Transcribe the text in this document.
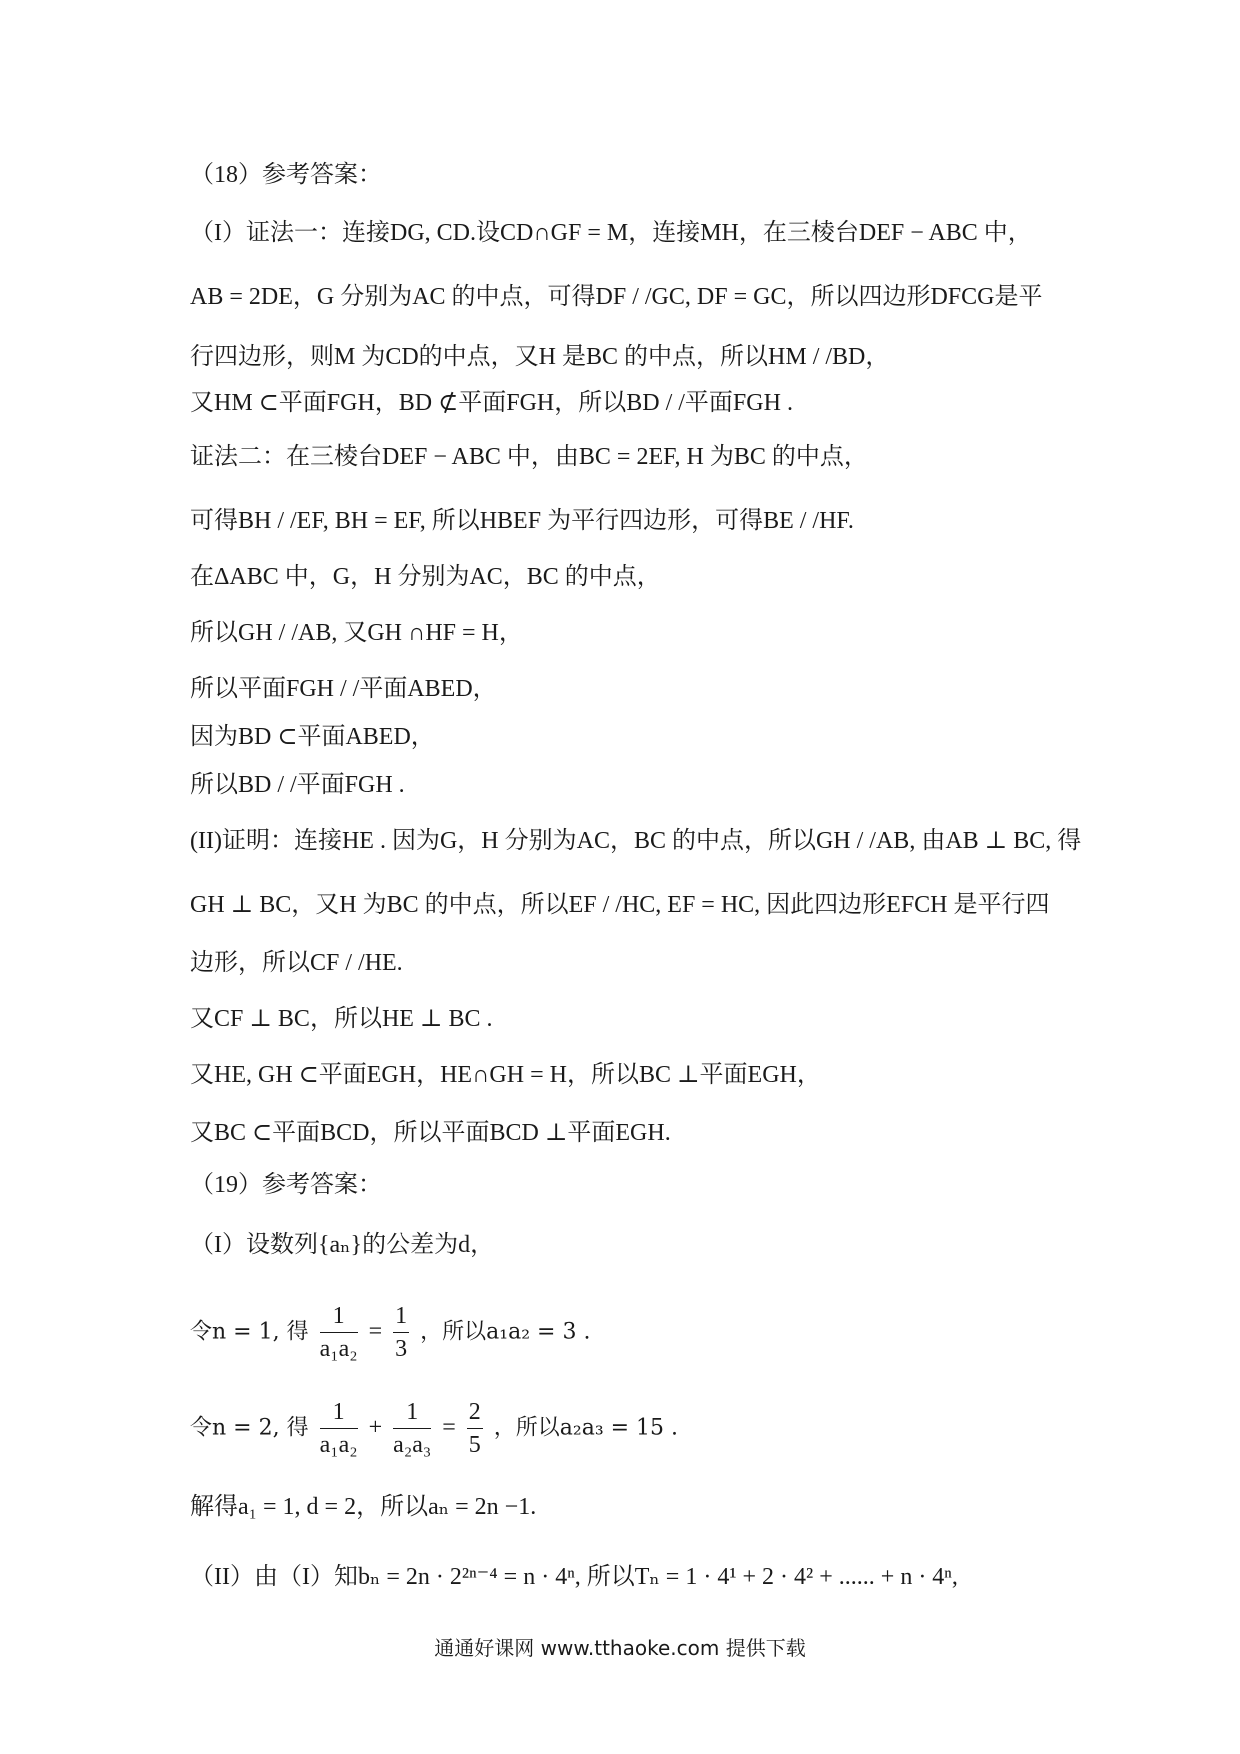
（18）参考答案：
（I）证法一：连接DG, CD.设CD∩GF = M，连接MH，在三棱台DEF − ABC 中，
AB = 2DE，G 分别为AC 的中点，可得DF / /GC, DF = GC，所以四边形DFCG是平
行四边形，则M 为CD的中点，又H 是BC 的中点，所以HM / /BD，
又HM ⊂平面FGH，BD ⊄平面FGH，所以BD / /平面FGH .
证法二：在三棱台DEF − ABC 中，由BC = 2EF, H 为BC 的中点，
可得BH / /EF, BH = EF, 所以HBEF 为平行四边形，可得BE / /HF.
在ΔABC 中，G，H 分别为AC，BC 的中点，
所以GH / /AB, 又GH ∩HF = H，
所以平面FGH / /平面ABED，
因为BD ⊂平面ABED，
所以BD / /平面FGH .
(II)证明：连接HE . 因为G，H 分别为AC，BC 的中点，所以GH / /AB, 由AB ⊥ BC, 得
GH ⊥ BC，又H 为BC 的中点，所以EF / /HC, EF = HC, 因此四边形EFCH 是平行四
边形，所以CF / /HE.
又CF ⊥ BC，所以HE ⊥ BC .
又HE, GH ⊂平面EGH，HE∩GH = H，所以BC ⊥平面EGH，
又BC ⊂平面BCD，所以平面BCD ⊥平面EGH.
（19）参考答案：
（I）设数列{aₙ}的公差为d，
令n = 1, 得 $\frac{1}{\text{a₁a₂}} = \frac{1}{3}$ ，所以a₁a₂ = 3 .
令n = 2, 得 $\frac{1}{\text{a₁a₂}} + \frac{1}{\text{a₂a₃}} = \frac{2}{5}$ ，所以a₂a₃ = 15 .
解得a₁ = 1, d = 2，所以aₙ = 2n −1.
（II）由（I）知bₙ = 2n · 2²ⁿ⁻⁴ = n · 4ⁿ, 所以Tₙ = 1 · 4¹ + 2 · 4² + ...... + n · 4ⁿ,
通通好课网 www.tthaoke.com 提供下载
